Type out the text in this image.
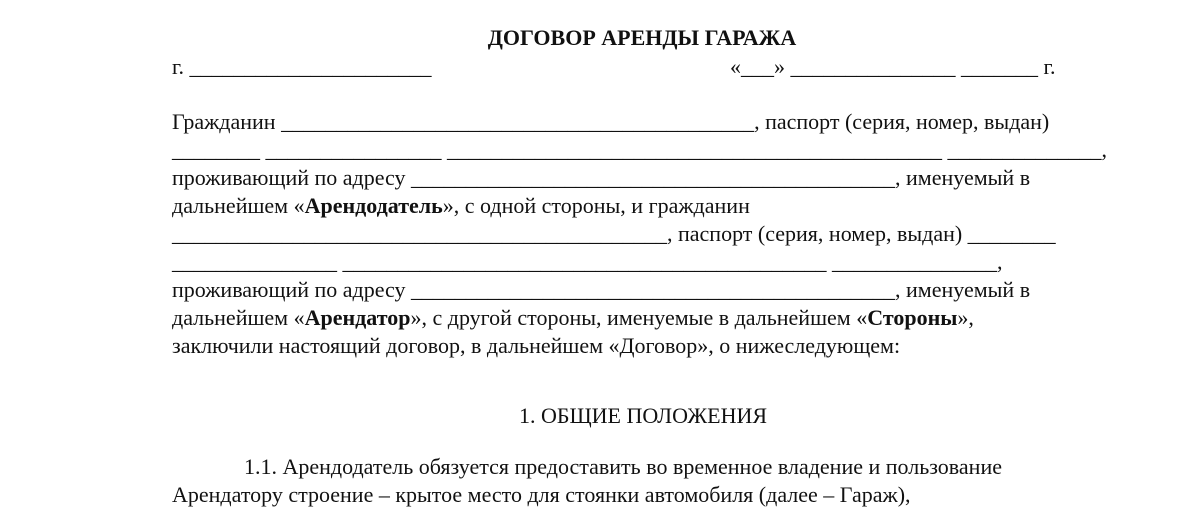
ДОГОВОР АРЕНДЫ ГАРАЖА
г. ______________________	«___» _______________ _______ г.
Гражданин ___________________________________________, паспорт (серия, номер, выдан)
________ ________________ _____________________________________________ ______________,
проживающий по адресу ____________________________________________, именуемый в
дальнейшем «Арендодатель», с одной стороны, и гражданин
_____________________________________________, паспорт (серия, номер, выдан) ________
_______________ ____________________________________________ _______________,
проживающий по адресу ____________________________________________, именуемый в
дальнейшем «Арендатор», с другой стороны, именуемые в дальнейшем «Стороны»,
заключили настоящий договор, в дальнейшем «Договор», о нижеследующем:
1. ОБЩИЕ ПОЛОЖЕНИЯ
1.1. Арендодатель обязуется предоставить во временное владение и пользование
Арендатору строение – крытое место для стоянки автомобиля (далее – Гараж),
